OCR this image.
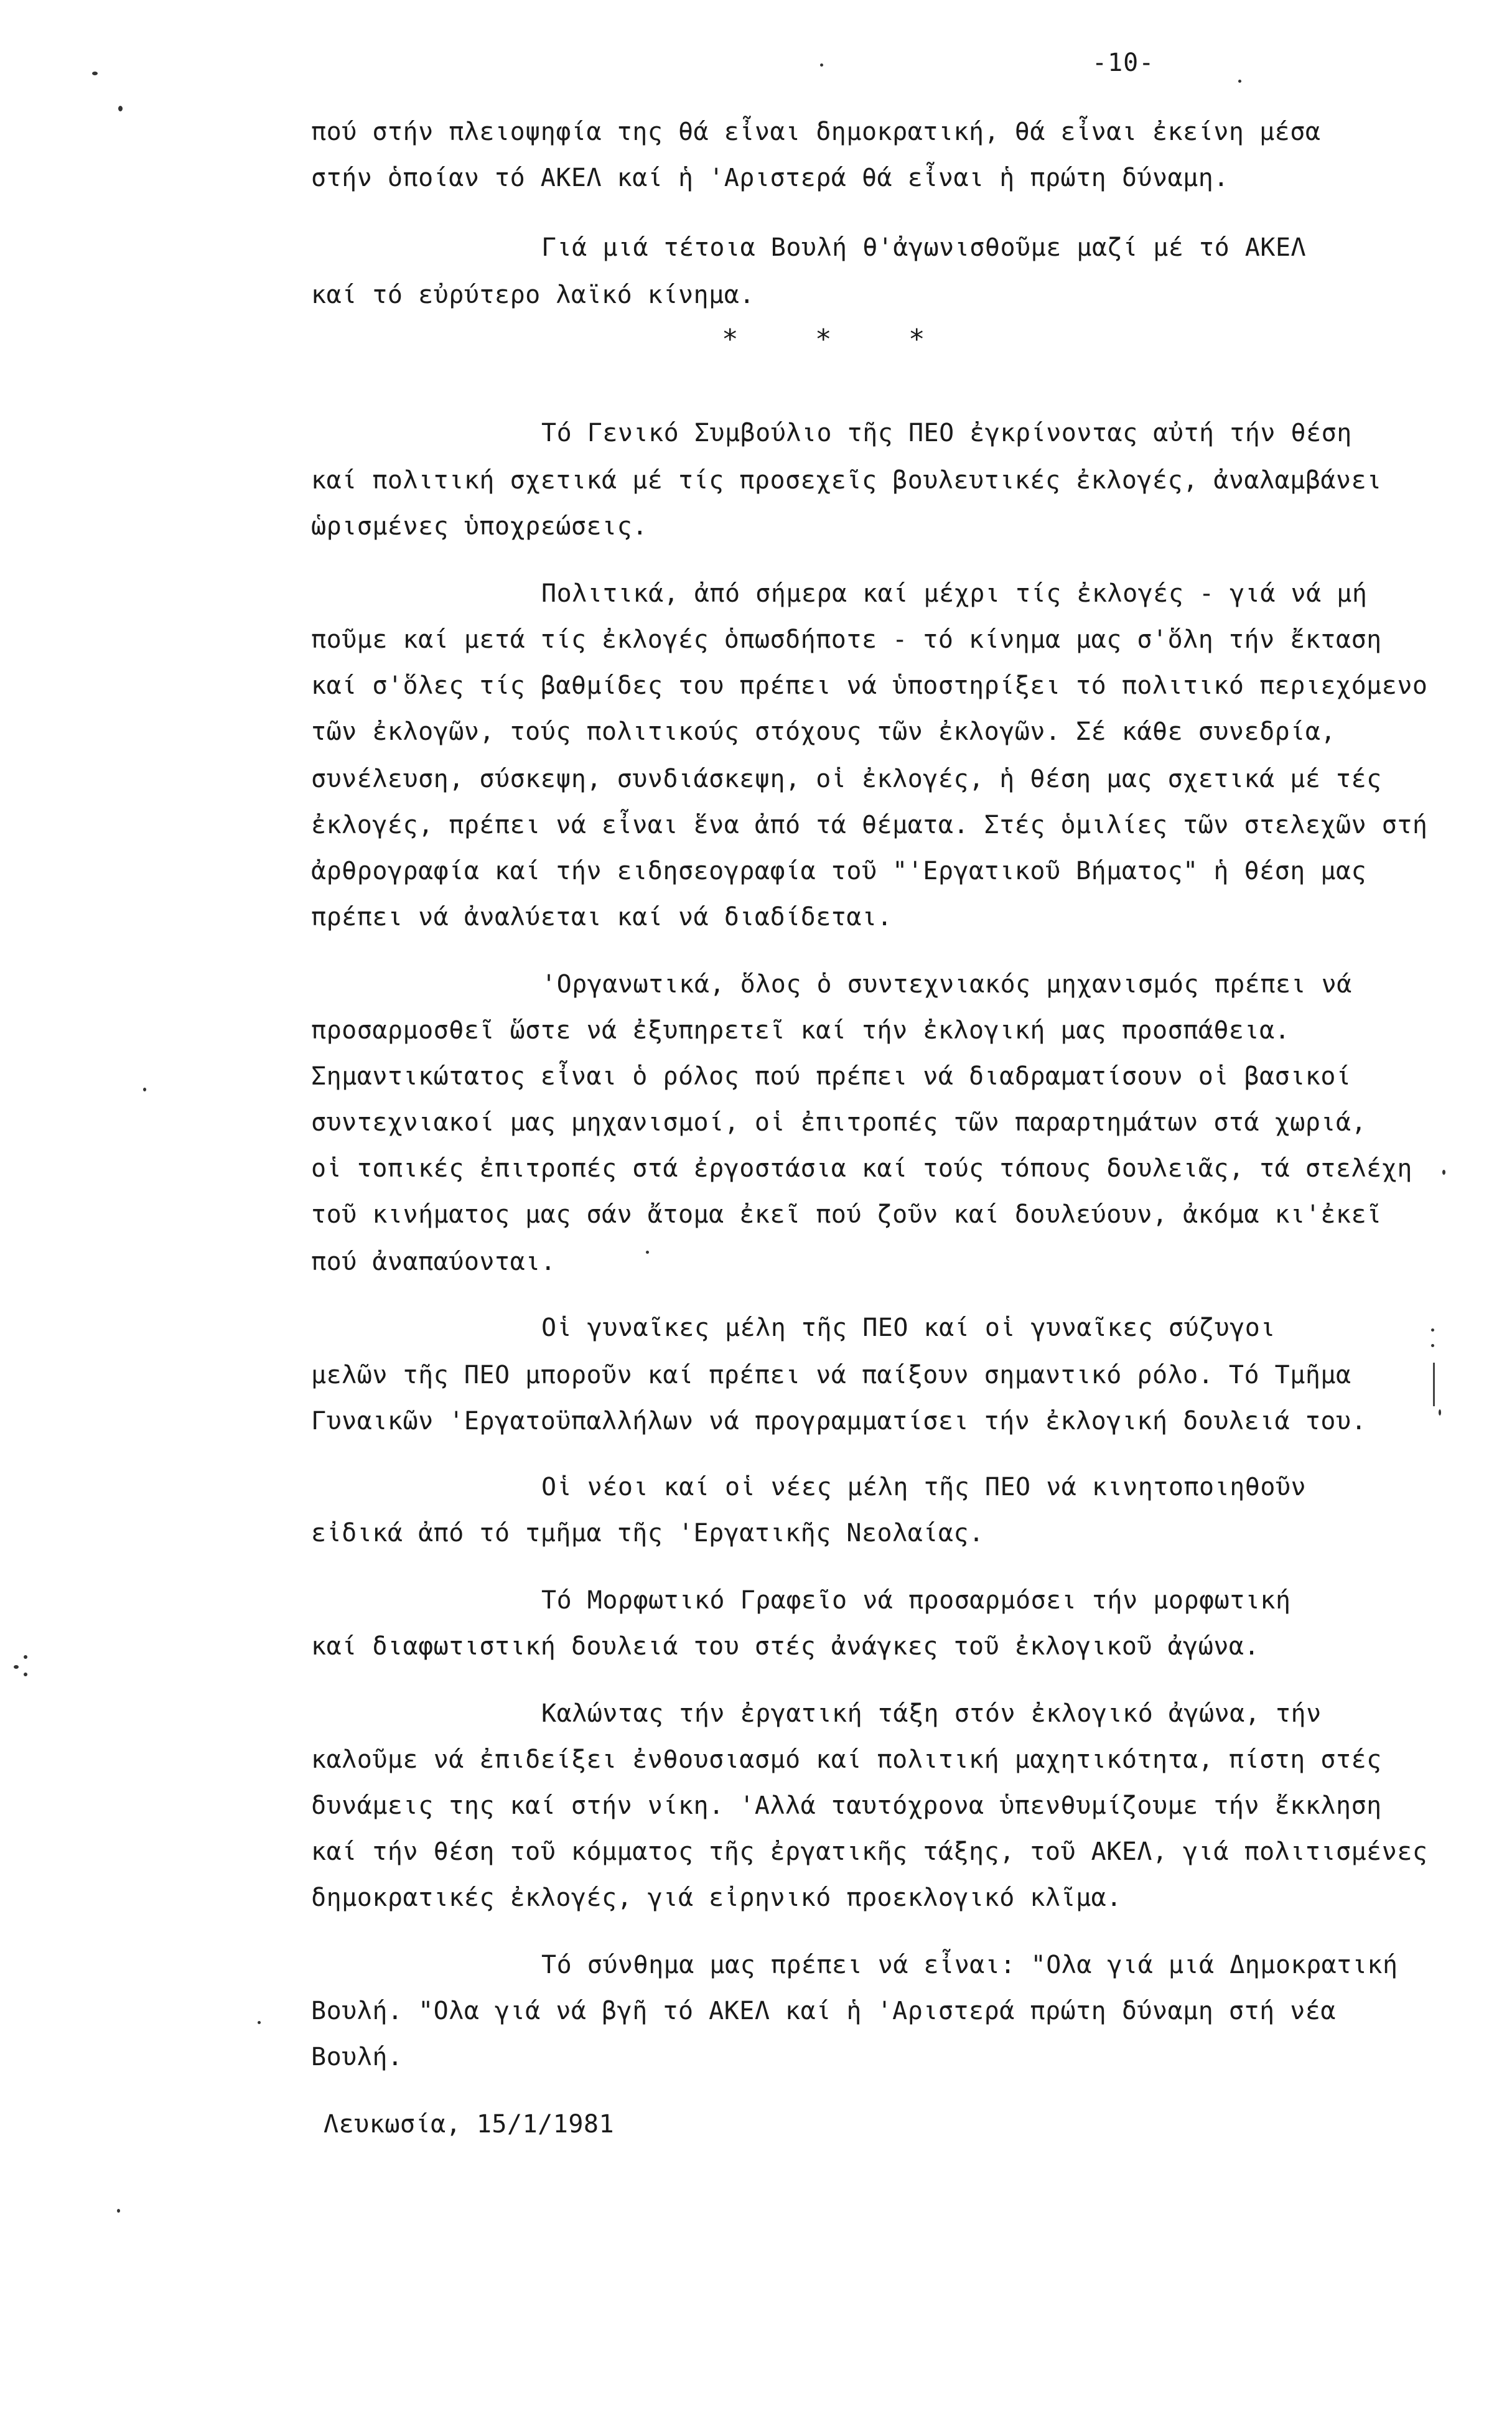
-10-
πού στήν πλειοψηφία της θά εἶναι δημοκρατική, θά εἶναι ἐκείνη μέσα
στήν ὁποίαν τό ΑΚΕΛ καί ἡ 'Αριστερά θά εἶναι ἡ πρώτη δύναμη.
Γιά μιά τέτοια Βουλή θ'ἀγωνισθοῦμε μαζί μέ τό ΑΚΕΛ
καί τό εὐρύτερο λαϊκό κίνημα.
*	*	*
Τό Γενικό Συμβούλιο τῆς ΠΕΟ ἐγκρίνοντας αὐτή τήν θέση
καί πολιτική σχετικά μέ τίς προσεχεῖς βουλευτικές ἐκλογές, ἀναλαμβάνει
ὡρισμένες ὑποχρεώσεις.
Πολιτικά, ἀπό σήμερα καί μέχρι τίς ἐκλογές - γιά νά μή
ποῦμε καί μετά τίς ἐκλογές ὁπωσδήποτε - τό κίνημα μας σ'ὅλη τήν ἔκταση
καί σ'ὅλες τίς βαθμίδες του πρέπει νά ὑποστηρίξει τό πολιτικό περιεχόμενο
τῶν ἐκλογῶν, τούς πολιτικούς στόχους τῶν ἐκλογῶν. Σέ κάθε συνεδρία,
συνέλευση, σύσκεψη, συνδιάσκεψη, οἱ ἐκλογές, ἡ θέση μας σχετικά μέ τές
ἐκλογές, πρέπει νά εἶναι ἕνα ἀπό τά θέματα. Στές ὁμιλίες τῶν στελεχῶν στή
ἀρθρογραφία καί τήν ειδησεογραφία τοῦ "'Εργατικοῦ Βήματος" ἡ θέση μας
πρέπει νά ἀναλύεται καί νά διαδίδεται.
'Οργανωτικά, ὅλος ὁ συντεχνιακός μηχανισμός πρέπει νά
προσαρμοσθεῖ ὥστε νά ἐξυπηρετεῖ καί τήν ἐκλογική μας προσπάθεια.
Σημαντικώτατος εἶναι ὁ ρόλος πού πρέπει νά διαδραματίσουν οἱ βασικοί
συντεχνιακοί μας μηχανισμοί, οἱ ἐπιτροπές τῶν παραρτημάτων στά χωριά,
οἱ τοπικές ἐπιτροπές στά ἐργοστάσια καί τούς τόπους δουλειᾶς, τά στελέχη
τοῦ κινήματος μας σάν ἄτομα ἐκεῖ πού ζοῦν καί δουλεύουν, ἀκόμα κι'ἐκεῖ
πού ἀναπαύονται.
Οἱ γυναῖκες μέλη τῆς ΠΕΟ καί οἱ γυναῖκες σύζυγοι
μελῶν τῆς ΠΕΟ μποροῦν καί πρέπει νά παίξουν σημαντικό ρόλο. Τό Τμῆμα
Γυναικῶν 'Εργατοϋπαλλήλων νά προγραμματίσει τήν ἐκλογική δουλειά του.
Οἱ νέοι καί οἱ νέες μέλη τῆς ΠΕΟ νά κινητοποιηθοῦν
εἰδικά ἀπό τό τμῆμα τῆς 'Εργατικῆς Νεολαίας.
Τό Μορφωτικό Γραφεῖο νά προσαρμόσει τήν μορφωτική
καί διαφωτιστική δουλειά του στές ἀνάγκες τοῦ ἐκλογικοῦ ἀγώνα.
Καλώντας τήν ἐργατική τάξη στόν ἐκλογικό ἀγώνα, τήν
καλοῦμε νά ἐπιδείξει ἐνθουσιασμό καί πολιτική μαχητικότητα, πίστη στές
δυνάμεις της καί στήν νίκη. 'Αλλά ταυτόχρονα ὑπενθυμίζουμε τήν ἔκκληση
καί τήν θέση τοῦ κόμματος τῆς ἐργατικῆς τάξης, τοῦ ΑΚΕΛ, γιά πολιτισμένες
δημοκρατικές ἐκλογές, γιά εἰρηνικό προεκλογικό κλῖμα.
Τό σύνθημα μας πρέπει νά εἶναι: "Ολα γιά μιά Δημοκρατική
Βουλή. "Ολα γιά νά βγῆ τό ΑΚΕΛ καί ἡ 'Αριστερά πρώτη δύναμη στή νέα
Βουλή.
Λευκωσία, 15/1/1981
